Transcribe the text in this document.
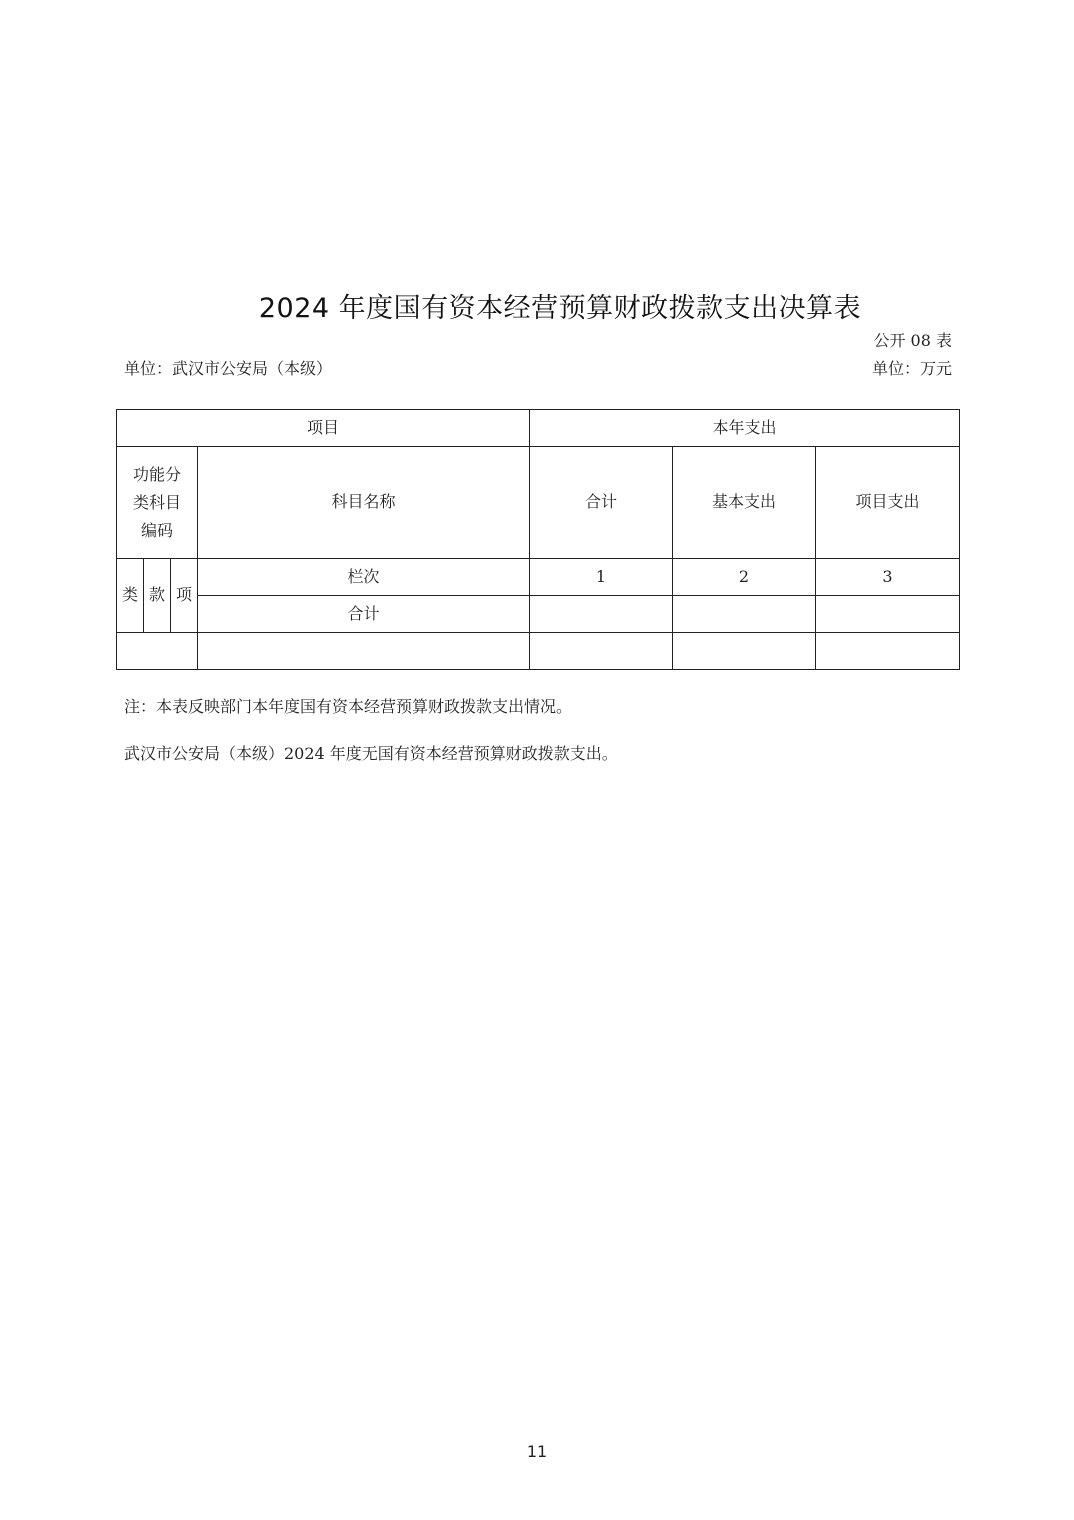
2024 年度国有资本经营预算财政拨款支出决算表
公开 08 表
单位：武汉市公安局（本级）	单位：万元
项目				本年支出		

功能分类科目编码			科目名称	合计	基本支出	项目支出
类	款	项	栏次	1	2	3
			合计			

注：本表反映部门本年度国有资本经营预算财政拨款支出情况。
武汉市公安局（本级）2024 年度无国有资本经营预算财政拨款支出。
11
